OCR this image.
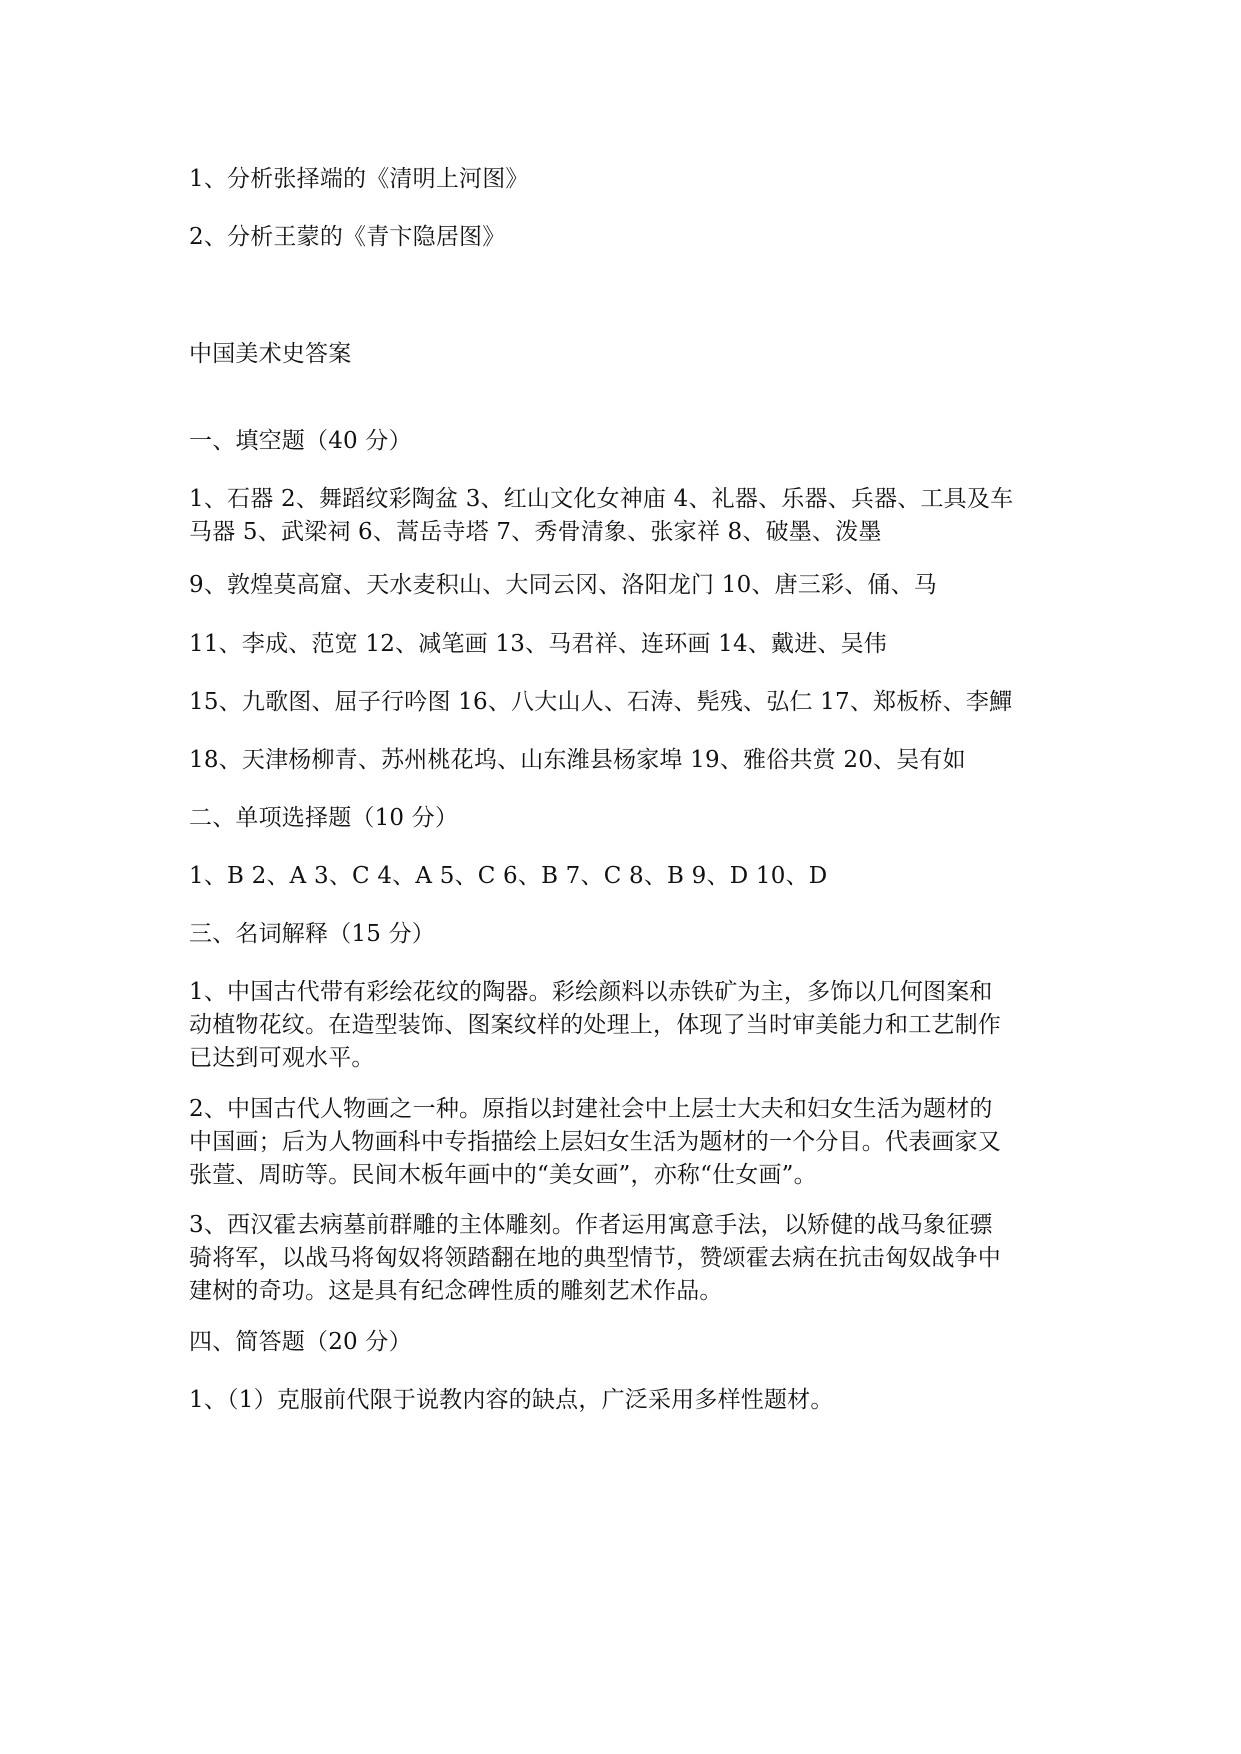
1、分析张择端的《清明上河图》
2、分析王蒙的《青卞隐居图》
中国美术史答案
一、填空题（40 分）
1、石器 2、舞蹈纹彩陶盆 3、红山文化女神庙 4、礼器、乐器、兵器、工具及车
马器 5、武梁祠 6、蒿岳寺塔 7、秀骨清象、张家祥 8、破墨、泼墨
9、敦煌莫高窟、天水麦积山、大同云冈、洛阳龙门 10、唐三彩、俑、马
11、李成、范宽 12、减笔画 13、马君祥、连环画 14、戴进、吴伟
15、九歌图、屈子行吟图 16、八大山人、石涛、髡残、弘仁 17、郑板桥、李鱓
18、天津杨柳青、苏州桃花坞、山东潍县杨家埠 19、雅俗共赏 20、吴有如
二、单项选择题（10 分）
1、B 2、A 3、C 4、A 5、C 6、B 7、C 8、B 9、D 10、D
三、名词解释（15 分）
1、中国古代带有彩绘花纹的陶器。彩绘颜料以赤铁矿为主，多饰以几何图案和
动植物花纹。在造型装饰、图案纹样的处理上，体现了当时审美能力和工艺制作
已达到可观水平。
2、中国古代人物画之一种。原指以封建社会中上层士大夫和妇女生活为题材的
中国画；后为人物画科中专指描绘上层妇女生活为题材的一个分目。代表画家又
张萱、周昉等。民间木板年画中的“美女画”，亦称“仕女画”。
3、西汉霍去病墓前群雕的主体雕刻。作者运用寓意手法，以矫健的战马象征骠
骑将军，以战马将匈奴将领踏翻在地的典型情节，赞颂霍去病在抗击匈奴战争中
建树的奇功。这是具有纪念碑性质的雕刻艺术作品。
四、简答题（20 分）
1、（1）克服前代限于说教内容的缺点，广泛采用多样性题材。
